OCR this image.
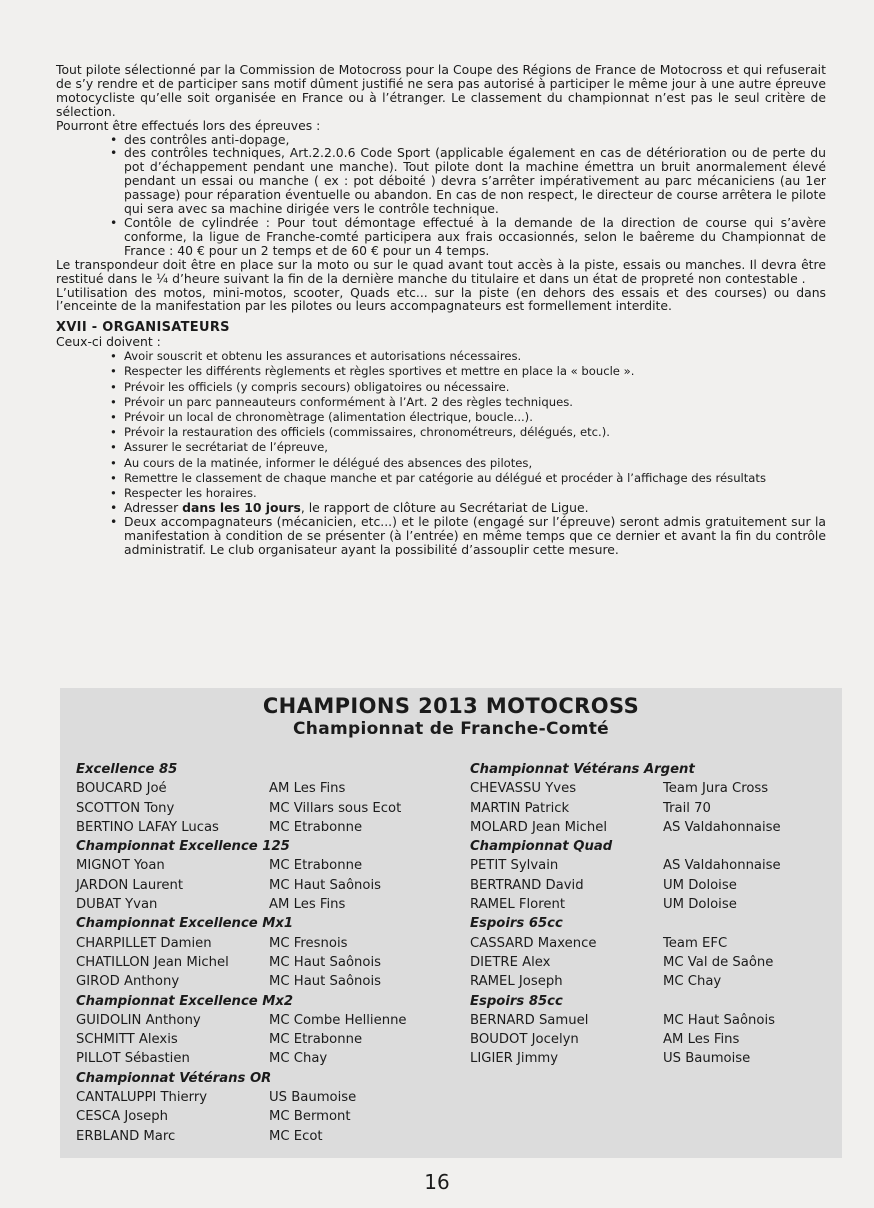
Tout pilote sélectionné par la Commission de Motocross pour la Coupe des Régions de France de Motocross et qui refuserait de s’y rendre et de participer sans motif dûment justifié ne sera pas autorisé à participer le même jour à une autre épreuve motocycliste qu’elle soit organisée en France ou à l’étranger. Le classement du championnat n’est pas le seul critère de sélection.

Pourront être effectués lors des épreuves :

• des contrôles anti-dopage,
• des contrôles techniques, Art.2.2.0.6 Code Sport (applicable également en cas de détérioration ou de perte du pot d’échappement pendant une manche). Tout pilote dont la machine émettra un bruit anormalement élevé pendant un essai ou manche ( ex : pot déboité ) devra s’arrêter impérativement au parc mécaniciens (au 1er passage) pour réparation éventuelle ou abandon. En cas de non respect, le directeur de course arrêtera le pilote qui sera avec sa machine dirigée vers le contrôle technique.
• Contôle de cylindrée : Pour tout démontage effectué à la demande de la direction de course qui s’avère conforme, la ligue de Franche-comté participera aux frais occasionnés, selon le baêreme du Championnat de France : 40 € pour un 2 temps et de 60 € pour un 4 temps.

Le transpondeur doit être en place sur la moto ou sur le quad avant tout accès à la piste, essais ou manches. Il devra être restitué dans le ¼ d’heure suivant la fin de la dernière manche du titulaire et dans un état de propreté non contestable .

L’utilisation des motos, mini-motos, scooter, Quads etc... sur la piste (en dehors des essais et des courses) ou dans l’enceinte de la manifestation par les pilotes ou leurs accompagnateurs est formellement interdite.

XVII - ORGANISATEURS

Ceux-ci doivent :

• Avoir souscrit et obtenu les assurances et autorisations nécessaires.
• Respecter les différents règlements et règles sportives et mettre en place la « boucle ».
• Prévoir les officiels (y compris secours) obligatoires ou nécessaire.
• Prévoir un parc panneauteurs conformément à l’Art. 2 des règles techniques.
• Prévoir un local de chronomètrage (alimentation électrique, boucle...).
• Prévoir la restauration des officiels (commissaires, chronométreurs, délégués, etc.).
• Assurer le secrétariat de l’épreuve,
• Au cours de la matinée, informer le délégué des absences des pilotes,
• Remettre le classement de chaque manche et par catégorie au délégué et procéder à l’affichage des résultats
• Respecter les horaires.
• Adresser dans les 10 jours, le rapport de clôture au Secrétariat de Ligue.
• Deux accompagnateurs (mécanicien, etc...) et le pilote (engagé sur l’épreuve) seront admis gratuitement sur la manifestation à condition de se présenter (à l’entrée) en même temps que ce dernier et avant la fin du contrôle administratif. Le club organisateur ayant la possibilité d’assouplir cette mesure.
CHAMPIONS 2013 MOTOCROSS
Championnat de Franche-Comté
Excellence 85
BOUCARD Joé	AM Les Fins
SCOTTON Tony	MC Villars sous Ecot
BERTINO LAFAY Lucas	MC Etrabonne
Championnat Excellence 125
MIGNOT Yoan	MC Etrabonne
JARDON Laurent	MC Haut Saônois
DUBAT Yvan	AM Les Fins
Championnat Excellence Mx1
CHARPILLET Damien	MC Fresnois
CHATILLON Jean Michel	MC Haut Saônois
GIROD Anthony	MC Haut Saônois
Championnat Excellence Mx2
GUIDOLIN Anthony	MC Combe Hellienne
SCHMITT Alexis	MC Etrabonne
PILLOT Sébastien	MC Chay
Championnat Vétérans OR
CANTALUPPI Thierry	US Baumoise
CESCA Joseph	MC Bermont
ERBLAND Marc	MC Ecot
Championnat Vétérans Argent
CHEVASSU Yves	Team Jura Cross
MARTIN Patrick	Trail 70
MOLARD Jean Michel	AS Valdahonnaise
Championnat Quad
PETIT Sylvain	AS Valdahonnaise
BERTRAND David	UM Doloise
RAMEL Florent	UM Doloise
Espoirs 65cc
CASSARD Maxence	Team EFC
DIETRE Alex	MC Val de Saône
RAMEL Joseph	MC Chay
Espoirs 85cc
BERNARD Samuel	MC Haut Saônois
BOUDOT Jocelyn	AM Les Fins
LIGIER Jimmy	US Baumoise
16
